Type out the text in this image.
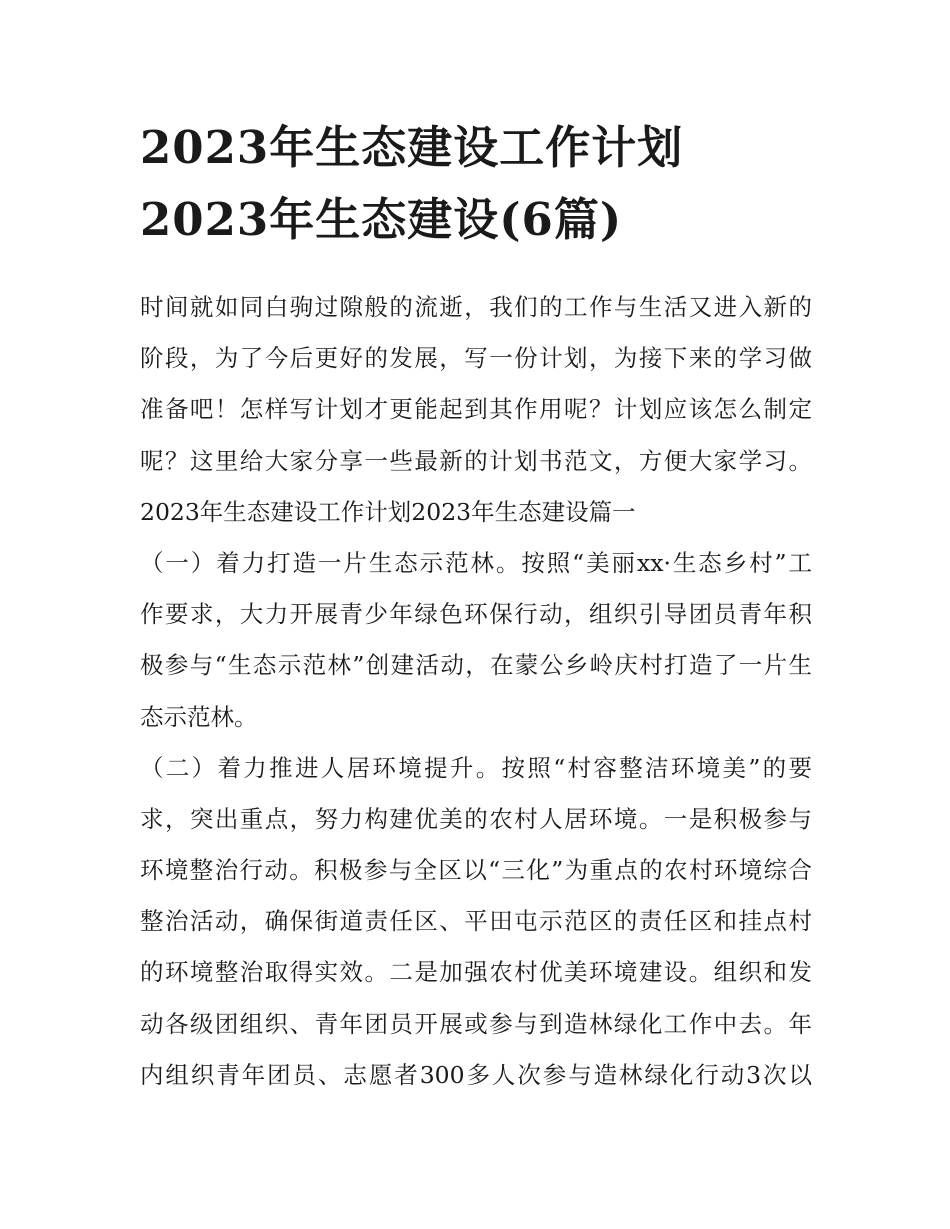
2023年生态建设工作计划
2023年生态建设(6篇)
时间就如同白驹过隙般的流逝，我们的工作与生活又进入新的
阶段，为了今后更好的发展，写一份计划，为接下来的学习做
准备吧！怎样写计划才更能起到其作用呢？计划应该怎么制定
呢？这里给大家分享一些最新的计划书范文，方便大家学习。
2023年生态建设工作计划2023年生态建设篇一
（一）着力打造一片生态示范林。按照“美丽xx·生态乡村”工
作要求，大力开展青少年绿色环保行动，组织引导团员青年积
极参与“生态示范林”创建活动，在蒙公乡岭庆村打造了一片生
态示范林。
（二）着力推进人居环境提升。按照“村容整洁环境美”的要
求，突出重点，努力构建优美的农村人居环境。一是积极参与
环境整治行动。积极参与全区以“三化”为重点的农村环境综合
整治活动，确保街道责任区、平田屯示范区的责任区和挂点村
的环境整治取得实效。二是加强农村优美环境建设。组织和发
动各级团组织、青年团员开展或参与到造林绿化工作中去。年
内组织青年团员、志愿者300多人次参与造林绿化行动3次以
